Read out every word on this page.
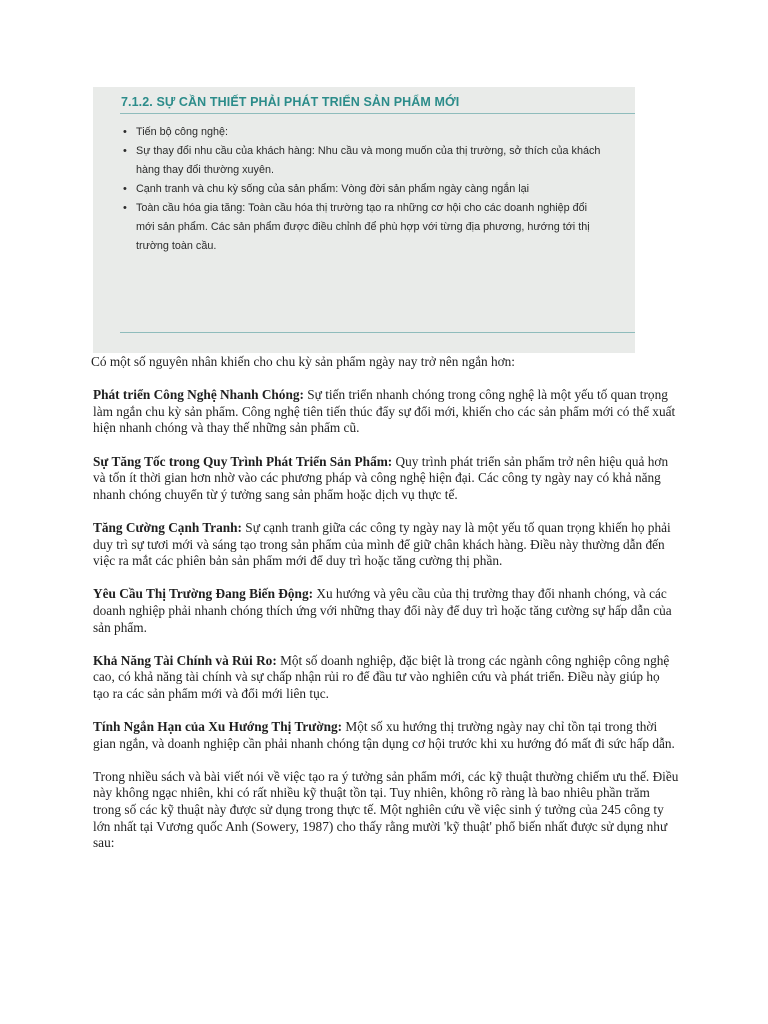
7.1.2. SỰ CẦN THIẾT PHẢI PHÁT TRIỂN SẢN PHẨM MỚI
• Tiến bộ công nghệ:
• Sự thay đổi nhu cầu của khách hàng: Nhu cầu và mong muốn của thị trường, sở thích của khách hàng thay đổi thường xuyên.
• Cạnh tranh và chu kỳ sống của sản phẩm: Vòng đời sản phẩm ngày càng ngắn lại
• Toàn cầu hóa gia tăng: Toàn cầu hóa thị trường tạo ra những cơ hội cho các doanh nghiệp đổi mới sản phẩm. Các sản phẩm được điều chỉnh để phù hợp với từng địa phương, hướng tới thị trường toàn cầu.

Có một số nguyên nhân khiến cho chu kỳ sản phẩm ngày nay trở nên ngắn hơn:

Phát triển Công Nghệ Nhanh Chóng: Sự tiến triển nhanh chóng trong công nghệ là một yếu tố quan trọng làm ngắn chu kỳ sản phẩm. Công nghệ tiên tiến thúc đẩy sự đổi mới, khiến cho các sản phẩm mới có thể xuất hiện nhanh chóng và thay thế những sản phẩm cũ.

Sự Tăng Tốc trong Quy Trình Phát Triển Sản Phẩm: Quy trình phát triển sản phẩm trở nên hiệu quả hơn và tốn ít thời gian hơn nhờ vào các phương pháp và công nghệ hiện đại. Các công ty ngày nay có khả năng nhanh chóng chuyển từ ý tưởng sang sản phẩm hoặc dịch vụ thực tế.

Tăng Cường Cạnh Tranh: Sự cạnh tranh giữa các công ty ngày nay là một yếu tố quan trọng khiến họ phải duy trì sự tươi mới và sáng tạo trong sản phẩm của mình để giữ chân khách hàng. Điều này thường dẫn đến việc ra mắt các phiên bản sản phẩm mới để duy trì hoặc tăng cường thị phần.

Yêu Cầu Thị Trường Đang Biến Động: Xu hướng và yêu cầu của thị trường thay đổi nhanh chóng, và các doanh nghiệp phải nhanh chóng thích ứng với những thay đổi này để duy trì hoặc tăng cường sự hấp dẫn của sản phẩm.

Khả Năng Tài Chính và Rủi Ro: Một số doanh nghiệp, đặc biệt là trong các ngành công nghiệp công nghệ cao, có khả năng tài chính và sự chấp nhận rủi ro để đầu tư vào nghiên cứu và phát triển. Điều này giúp họ tạo ra các sản phẩm mới và đổi mới liên tục.

Tính Ngắn Hạn của Xu Hướng Thị Trường: Một số xu hướng thị trường ngày nay chỉ tồn tại trong thời gian ngắn, và doanh nghiệp cần phải nhanh chóng tận dụng cơ hội trước khi xu hướng đó mất đi sức hấp dẫn.

Trong nhiều sách và bài viết nói về việc tạo ra ý tưởng sản phẩm mới, các kỹ thuật thường chiếm ưu thế. Điều này không ngạc nhiên, khi có rất nhiều kỹ thuật tồn tại. Tuy nhiên, không rõ ràng là bao nhiêu phần trăm trong số các kỹ thuật này được sử dụng trong thực tế. Một nghiên cứu về việc sinh ý tưởng của 245 công ty lớn nhất tại Vương quốc Anh (Sowery, 1987) cho thấy rằng mười 'kỹ thuật' phổ biến nhất được sử dụng như sau:
